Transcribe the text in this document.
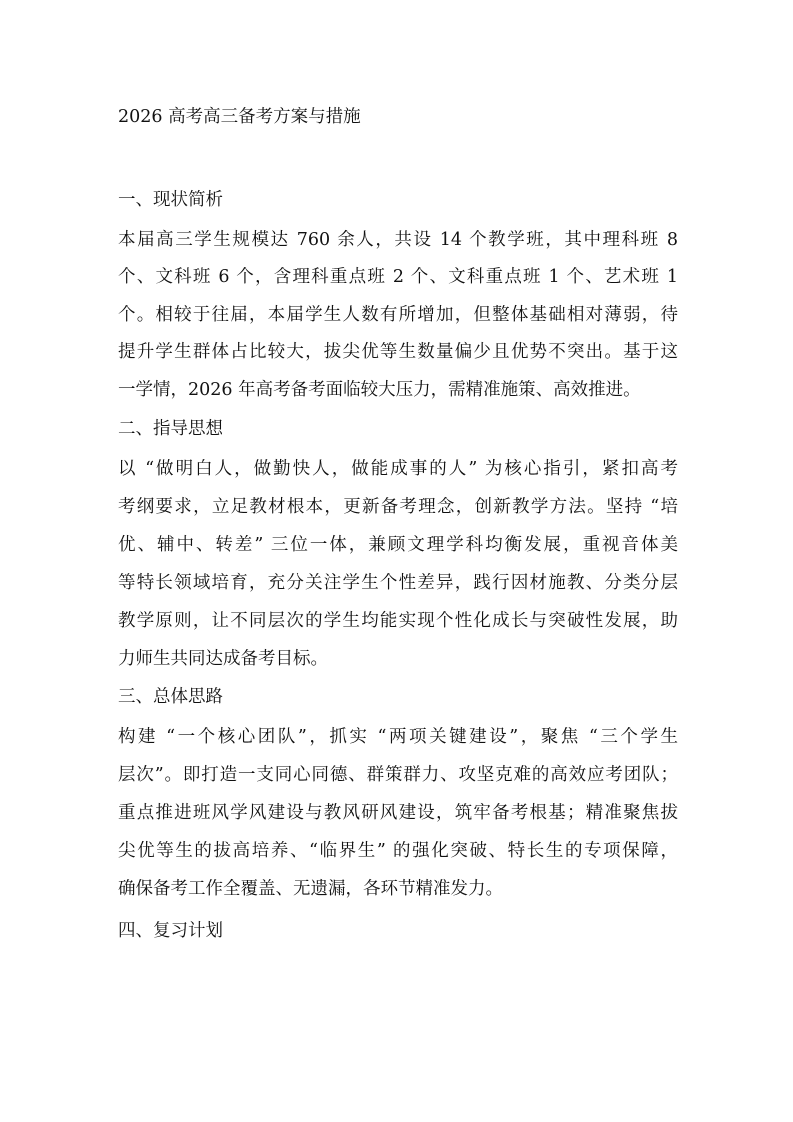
2026 高考高三备考方案与措施
一、现状简析
本届高三学生规模达 760 余人，共设 14 个教学班，其中理科班 8
个、文科班 6 个，含理科重点班 2 个、文科重点班 1 个、艺术班 1
个。相较于往届，本届学生人数有所增加，但整体基础相对薄弱，待
提升学生群体占比较大，拔尖优等生数量偏少且优势不突出。基于这
一学情，2026 年高考备考面临较大压力，需精准施策、高效推进。
二、指导思想
以 “做明白人，做勤快人，做能成事的人” 为核心指引，紧扣高考
考纲要求，立足教材根本，更新备考理念，创新教学方法。坚持 “培
优、辅中、转差” 三位一体，兼顾文理学科均衡发展，重视音体美
等特长领域培育，充分关注学生个性差异，践行因材施教、分类分层
教学原则，让不同层次的学生均能实现个性化成长与突破性发展，助
力师生共同达成备考目标。
三、总体思路
构建 “一个核心团队”，抓实 “两项关键建设”，聚焦 “三个学生
层次”。即打造一支同心同德、群策群力、攻坚克难的高效应考团队；
重点推进班风学风建设与教风研风建设，筑牢备考根基；精准聚焦拔
尖优等生的拔高培养、“临界生” 的强化突破、特长生的专项保障，
确保备考工作全覆盖、无遗漏，各环节精准发力。
四、复习计划
